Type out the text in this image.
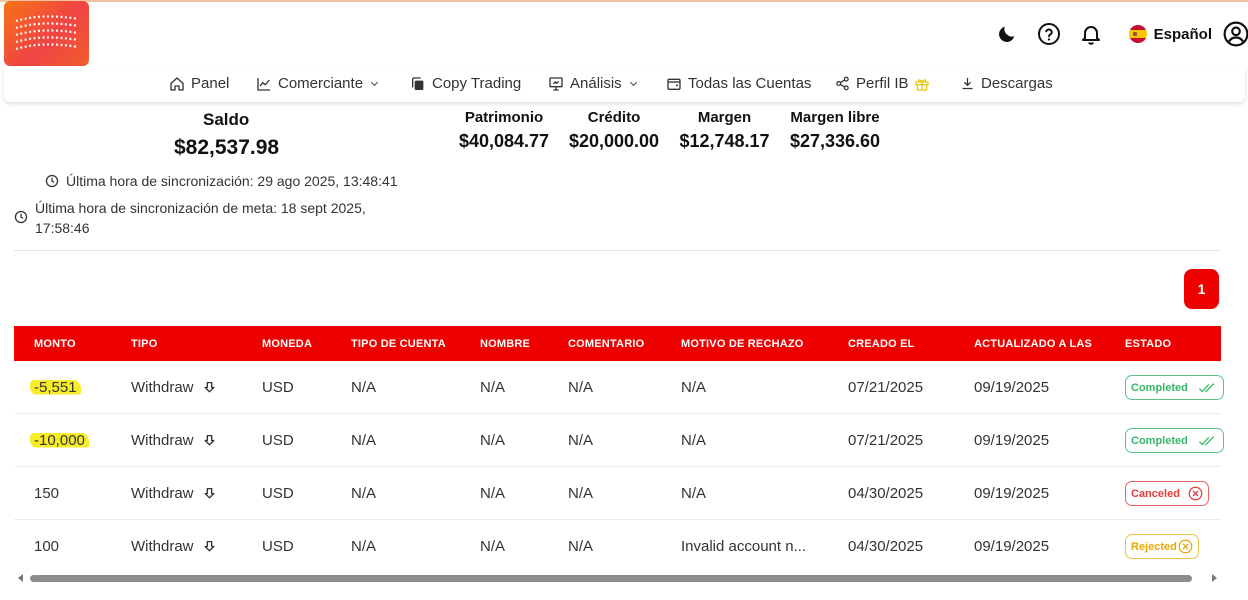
Español
Panel	Comerciante	Copy Trading	Análisis	Todas las Cuentas	Perfil IB	Descargas
Saldo
$82,537.98
Patrimonio
$40,084.77
Crédito
$20,000.00
Margen
$12,748.17
Margen libre
$27,336.60
Última hora de sincronización: 29 ago 2025, 13:48:41
Última hora de sincronización de meta: 18 sept 2025,
17:58:46
1
MONTO	TIPO	MONEDA	TIPO DE CUENTA	NOMBRE	COMENTARIO	MOTIVO DE RECHAZO	CREADO EL	ACTUALIZADO A LAS	ESTADO
-5,551	Withdraw	USD	N/A	N/A	N/A	N/A	07/21/2025	09/19/2025	Completed
-10,000	Withdraw	USD	N/A	N/A	N/A	N/A	07/21/2025	09/19/2025	Completed
150	Withdraw	USD	N/A	N/A	N/A	N/A	04/30/2025	09/19/2025	Canceled
100	Withdraw	USD	N/A	N/A	N/A	Invalid account n...	04/30/2025	09/19/2025	Rejected
